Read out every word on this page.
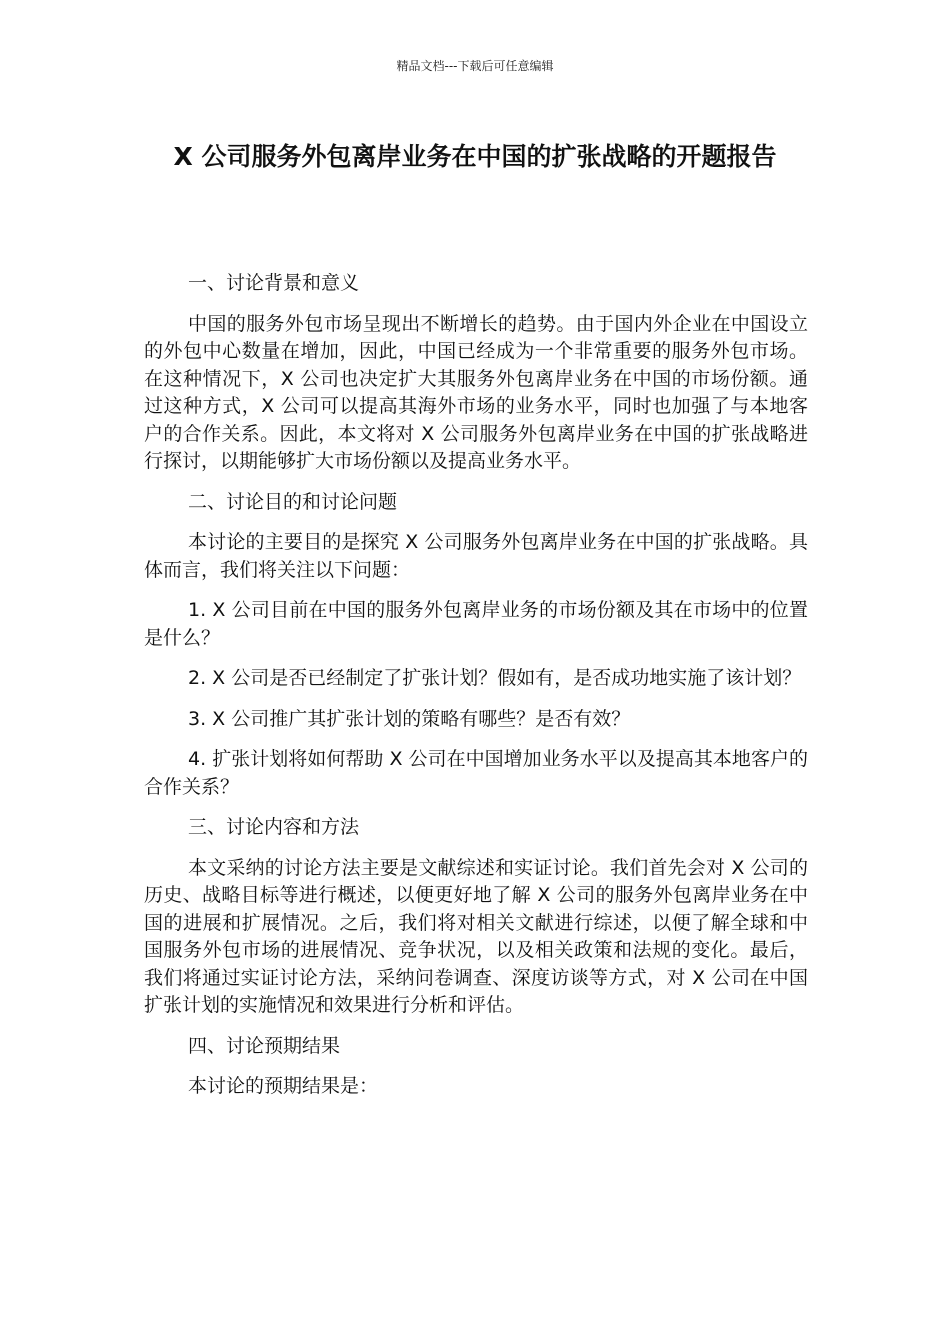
精品文档---下载后可任意编辑
X 公司服务外包离岸业务在中国的扩张战略的开题报告

一、讨论背景和意义

中国的服务外包市场呈现出不断增长的趋势。由于国内外企业在中国设立的外包中心数量在增加，因此，中国已经成为一个非常重要的服务外包市场。在这种情况下，X 公司也决定扩大其服务外包离岸业务在中国的市场份额。通过这种方式，X 公司可以提高其海外市场的业务水平，同时也加强了与本地客户的合作关系。因此，本文将对 X 公司服务外包离岸业务在中国的扩张战略进行探讨，以期能够扩大市场份额以及提高业务水平。

二、讨论目的和讨论问题

本讨论的主要目的是探究 X 公司服务外包离岸业务在中国的扩张战略。具体而言，我们将关注以下问题：

1. X 公司目前在中国的服务外包离岸业务的市场份额及其在市场中的位置是什么？

2. X 公司是否已经制定了扩张计划？假如有，是否成功地实施了该计划？

3. X 公司推广其扩张计划的策略有哪些？是否有效？

4. 扩张计划将如何帮助 X 公司在中国增加业务水平以及提高其本地客户的合作关系？

三、讨论内容和方法

本文采纳的讨论方法主要是文献综述和实证讨论。我们首先会对 X 公司的历史、战略目标等进行概述，以便更好地了解 X 公司的服务外包离岸业务在中国的进展和扩展情况。之后，我们将对相关文献进行综述，以便了解全球和中国服务外包市场的进展情况、竞争状况，以及相关政策和法规的变化。最后，我们将通过实证讨论方法，采纳问卷调查、深度访谈等方式，对 X 公司在中国扩张计划的实施情况和效果进行分析和评估。

四、讨论预期结果

本讨论的预期结果是：
